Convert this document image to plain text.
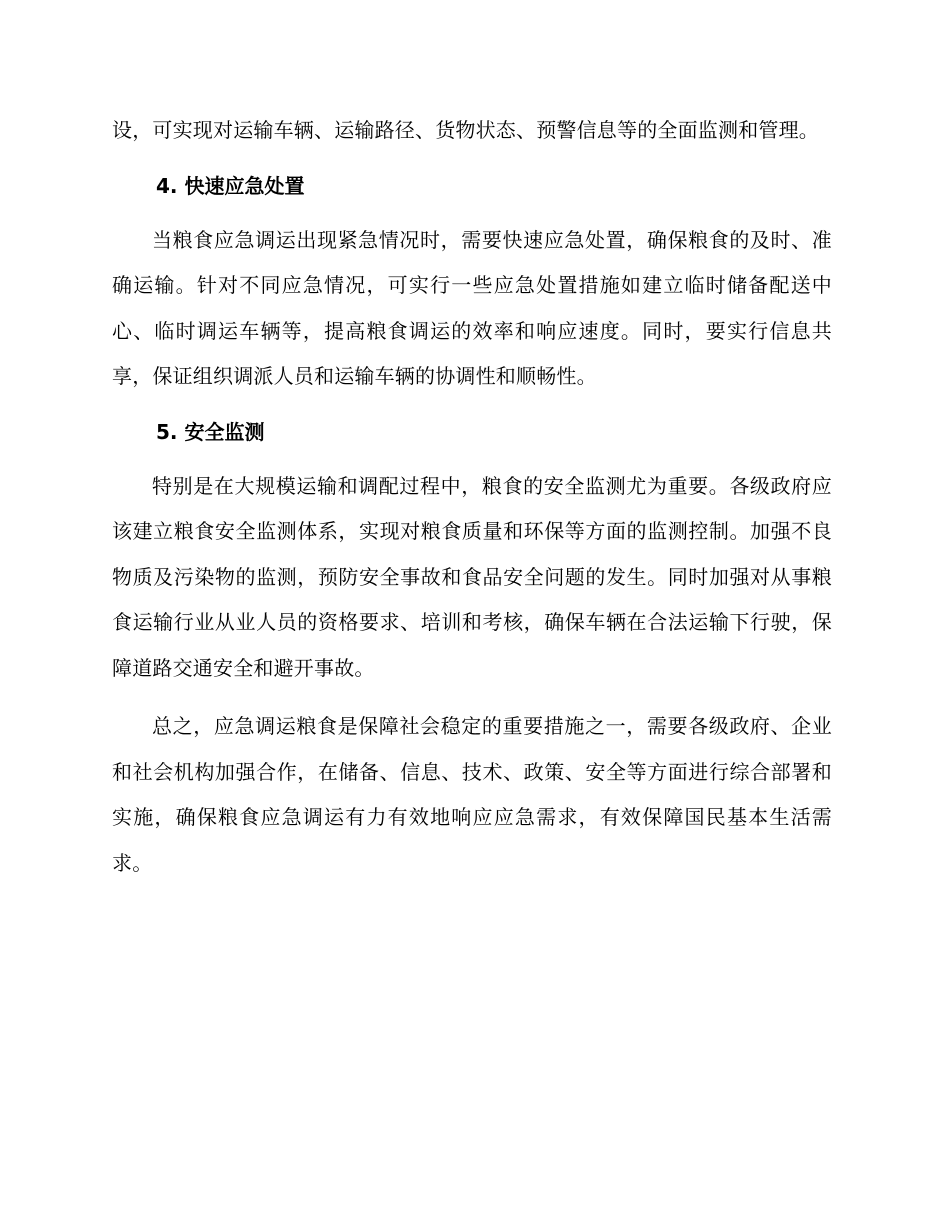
设，可实现对运输车辆、运输路径、货物状态、预警信息等的全面监测和管理。

4. 快速应急处置

当粮食应急调运出现紧急情况时，需要快速应急处置，确保粮食的及时、准确运输。针对不同应急情况，可实行一些应急处置措施如建立临时储备配送中心、临时调运车辆等，提高粮食调运的效率和响应速度。同时，要实行信息共享，保证组织调派人员和运输车辆的协调性和顺畅性。

5. 安全监测

特别是在大规模运输和调配过程中，粮食的安全监测尤为重要。各级政府应该建立粮食安全监测体系，实现对粮食质量和环保等方面的监测控制。加强不良物质及污染物的监测，预防安全事故和食品安全问题的发生。同时加强对从事粮食运输行业从业人员的资格要求、培训和考核，确保车辆在合法运输下行驶，保障道路交通安全和避开事故。

总之，应急调运粮食是保障社会稳定的重要措施之一，需要各级政府、企业和社会机构加强合作，在储备、信息、技术、政策、安全等方面进行综合部署和实施，确保粮食应急调运有力有效地响应应急需求，有效保障国民基本生活需求。
